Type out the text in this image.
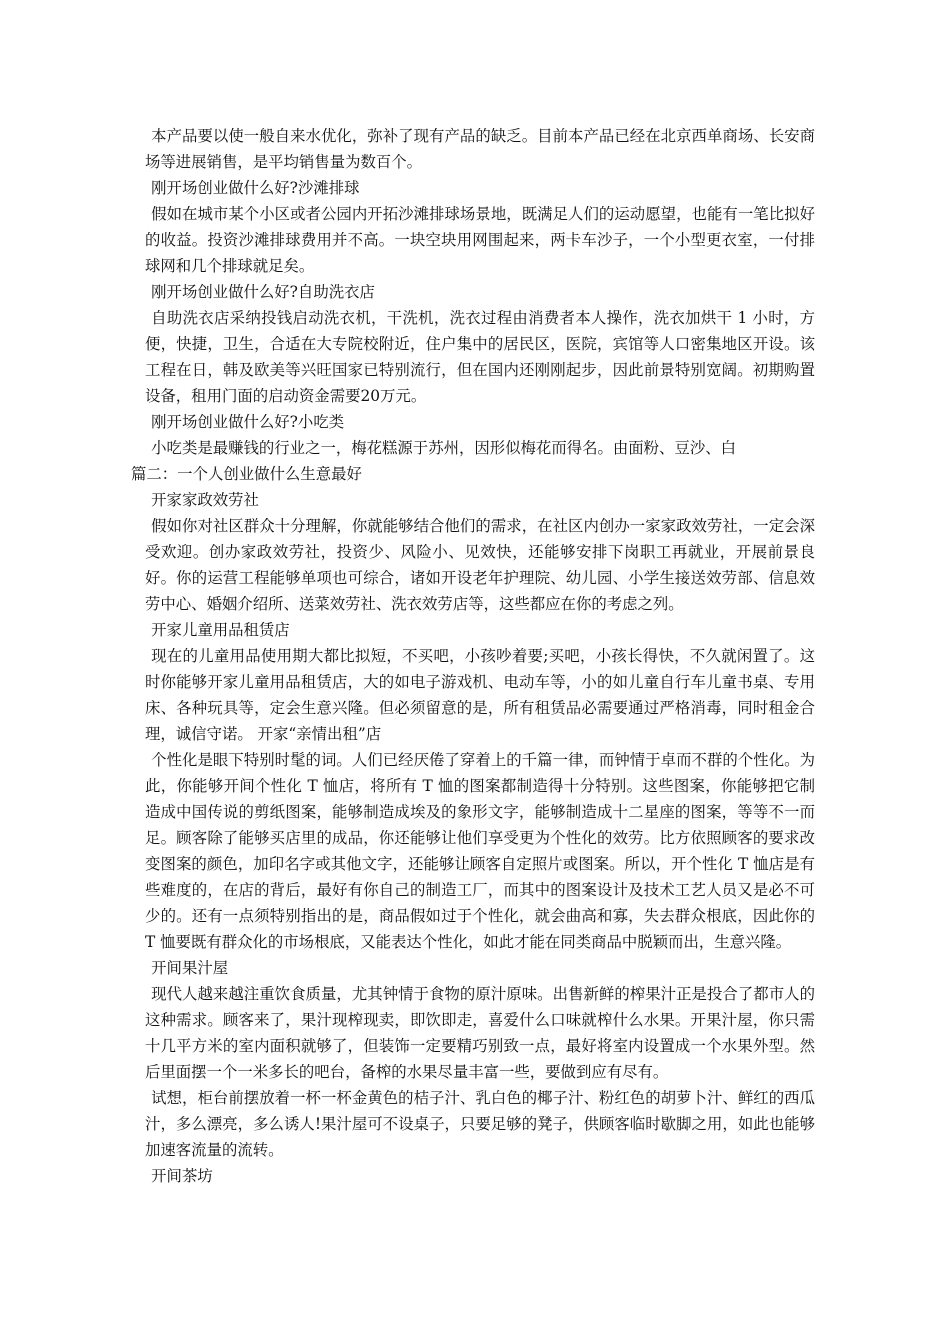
本产品要以使一般自来水优化，弥补了现有产品的缺乏。目前本产品已经在北京西单商场、长安商场等进展销售，是平均销售量为数百个。

刚开场创业做什么好?沙滩排球

假如在城市某个小区或者公园内开拓沙滩排球场景地，既满足人们的运动愿望，也能有一笔比拟好的收益。投资沙滩排球费用并不高。一块空块用网围起来，两卡车沙子，一个小型更衣室，一付排球网和几个排球就足矣。

刚开场创业做什么好?自助洗衣店

自助洗衣店采纳投钱启动洗衣机，干洗机，洗衣过程由消费者本人操作，洗衣加烘干 1 小时，方便，快捷，卫生，合适在大专院校附近，住户集中的居民区，医院，宾馆等人口密集地区开设。该工程在日，韩及欧美等兴旺国家已特别流行，但在国内还刚刚起步，因此前景特别宽阔。初期购置设备，租用门面的启动资金需要20万元。

刚开场创业做什么好?小吃类

小吃类是最赚钱的行业之一，梅花糕源于苏州，因形似梅花而得名。由面粉、豆沙、白

篇二：一个人创业做什么生意最好

开家家政效劳社

假如你对社区群众十分理解，你就能够结合他们的需求，在社区内创办一家家政效劳社，一定会深受欢迎。创办家政效劳社，投资少、风险小、见效快，还能够安排下岗职工再就业，开展前景良好。你的运营工程能够单项也可综合，诸如开设老年护理院、幼儿园、小学生接送效劳部、信息效劳中心、婚姻介绍所、送菜效劳社、洗衣效劳店等，这些都应在你的考虑之列。

开家儿童用品租赁店

现在的儿童用品使用期大都比拟短，不买吧，小孩吵着要;买吧，小孩长得快，不久就闲置了。这时你能够开家儿童用品租赁店，大的如电子游戏机、电动车等，小的如儿童自行车儿童书桌、专用床、各种玩具等，定会生意兴隆。但必须留意的是，所有租赁品必需要通过严格消毒，同时租金合理，诚信守诺。 开家“亲情出租”店

个性化是眼下特别时髦的词。人们已经厌倦了穿着上的千篇一律，而钟情于卓而不群的个性化。为此，你能够开间个性化 T 恤店，将所有 T 恤的图案都制造得十分特别。这些图案，你能够把它制造成中国传说的剪纸图案，能够制造成埃及的象形文字，能够制造成十二星座的图案，等等不一而足。顾客除了能够买店里的成品，你还能够让他们享受更为个性化的效劳。比方依照顾客的要求改变图案的颜色，加印名字或其他文字，还能够让顾客自定照片或图案。所以，开个性化 T 恤店是有些难度的，在店的背后，最好有你自己的制造工厂，而其中的图案设计及技术工艺人员又是必不可少的。还有一点须特别指出的是，商品假如过于个性化，就会曲高和寡，失去群众根底，因此你的 T 恤要既有群众化的市场根底，又能表达个性化，如此才能在同类商品中脱颖而出，生意兴隆。

开间果汁屋

现代人越来越注重饮食质量，尤其钟情于食物的原汁原味。出售新鲜的榨果汁正是投合了都市人的这种需求。顾客来了，果汁现榨现卖，即饮即走，喜爱什么口味就榨什么水果。开果汁屋，你只需十几平方米的室内面积就够了，但装饰一定要精巧别致一点，最好将室内设置成一个水果外型。然后里面摆一个一米多长的吧台，备榨的水果尽量丰富一些，要做到应有尽有。

试想，柜台前摆放着一杯一杯金黄色的桔子汁、乳白色的椰子汁、粉红色的胡萝卜汁、鲜红的西瓜汁，多么漂亮，多么诱人!果汁屋可不设桌子，只要足够的凳子，供顾客临时歇脚之用，如此也能够加速客流量的流转。

开间茶坊
